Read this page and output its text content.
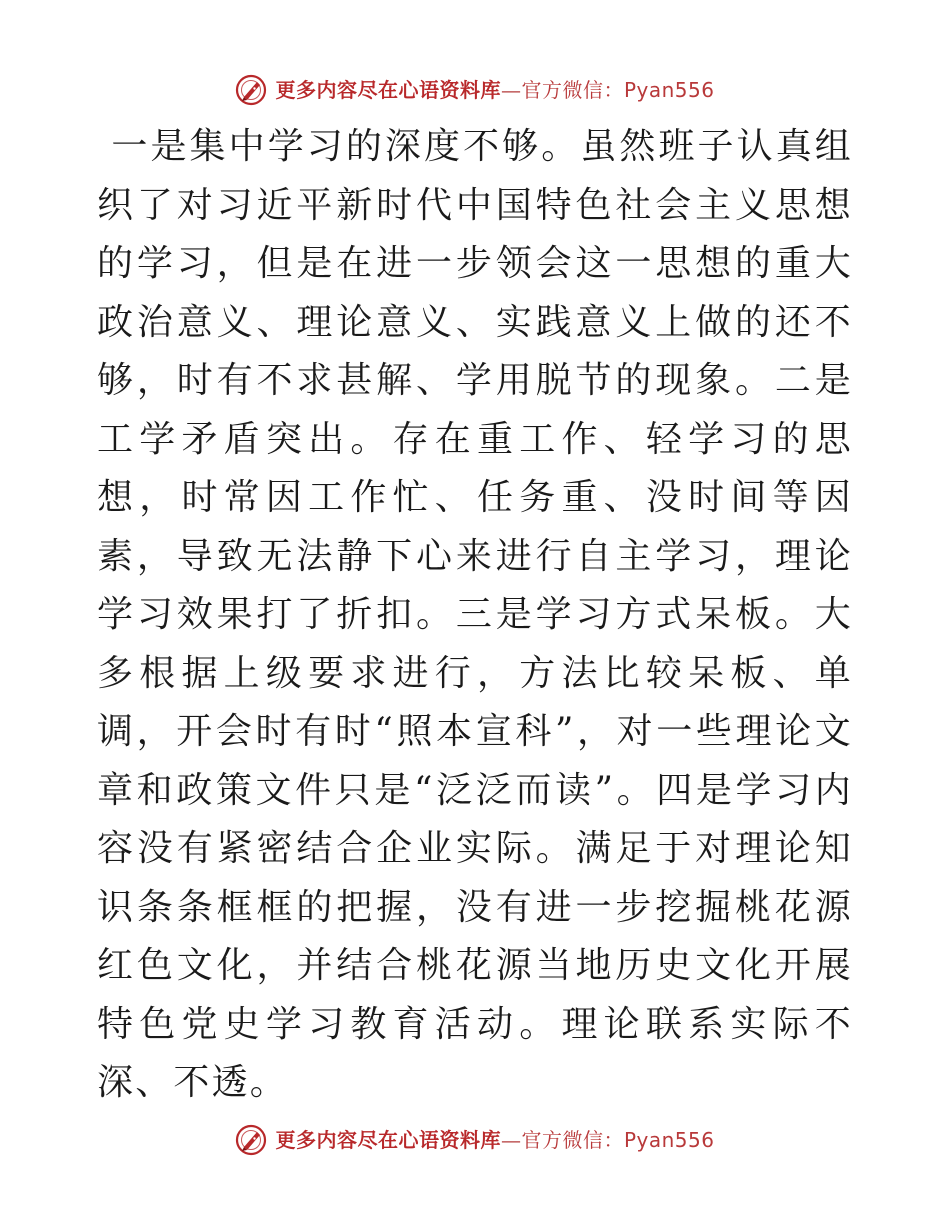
更多内容尽在心语资料库 — 官方微信：Pyan556

一是集中学习的深度不够。虽然班子认真组织了对习近平新时代中国特色社会主义思想的学习，但是在进一步领会这一思想的重大政治意义、理论意义、实践意义上做的还不够，时有不求甚解、学用脱节的现象。二是工学矛盾突出。存在重工作、轻学习的思想，时常因工作忙、任务重、没时间等因素，导致无法静下心来进行自主学习，理论学习效果打了折扣。三是学习方式呆板。大多根据上级要求进行，方法比较呆板、单调，开会时有时“照本宣科”，对一些理论文章和政策文件只是“泛泛而读”。四是学习内容没有紧密结合企业实际。满足于对理论知识条条框框的把握，没有进一步挖掘桃花源红色文化，并结合桃花源当地历史文化开展特色党史学习教育活动。理论联系实际不深、不透。

更多内容尽在心语资料库 — 官方微信：Pyan556
